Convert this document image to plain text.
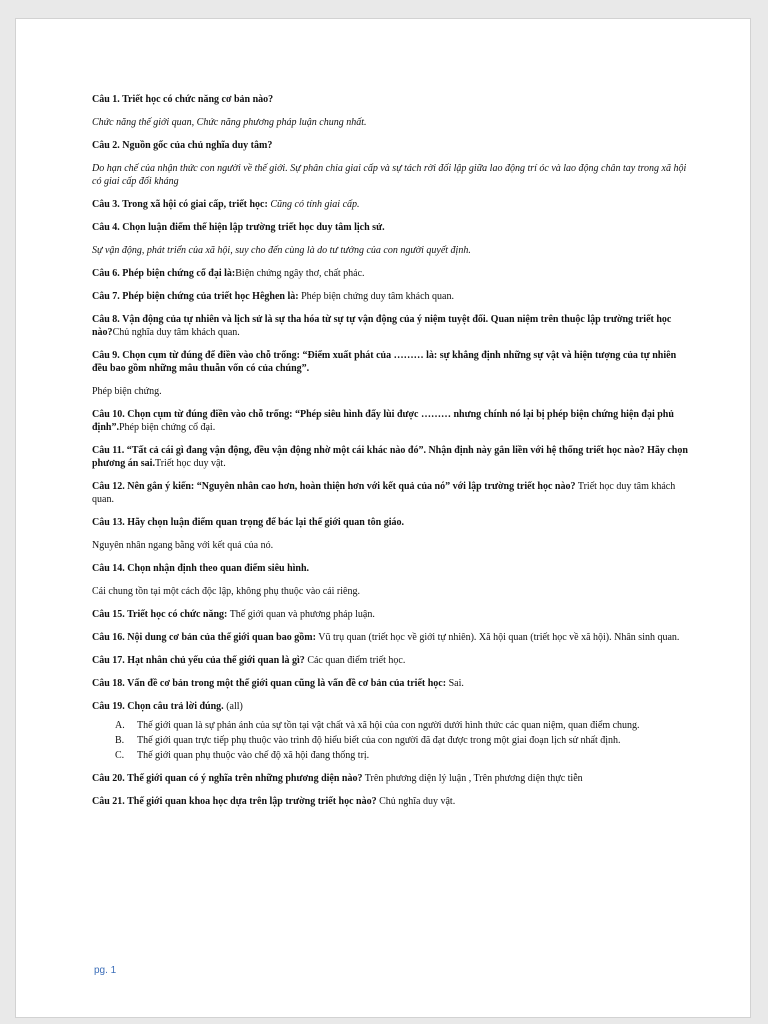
Câu 1. Triết học có chức năng cơ bản nào?

Chức năng thế giới quan, Chức năng phương pháp luận chung nhất.

Câu 2. Nguồn gốc của chủ nghĩa duy tâm?

Do hạn chế của nhận thức con người về thế giới. Sự phân chia giai cấp và sự tách rời đối lập giữa lao động trí óc và lao động chân tay trong xã hội có giai cấp đối kháng

Câu 3. Trong xã hội có giai cấp, triết học: Cũng có tính giai cấp.

Câu 4. Chọn luận điểm thể hiện lập trường triết học duy tâm lịch sử.

Sự vận động, phát triển của xã hội, suy cho đến cùng là do tư tưởng của con người quyết định.

Câu 6. Phép biện chứng cổ đại là:Biện chứng ngây thơ, chất phác.

Câu 7. Phép biện chứng của triết học Hêghen là: Phép biện chứng duy tâm khách quan.

Câu 8. Vận động của tự nhiên và lịch sử là sự tha hóa từ sự tự vận động của ý niệm tuyệt đối. Quan niệm trên thuộc lập trường triết học nào?Chủ nghĩa duy tâm khách quan.

Câu 9. Chọn cụm từ đúng để điền vào chỗ trống: “Điểm xuất phát của ……… là: sự khẳng định những sự vật và hiện tượng của tự nhiên đều bao gồm những mâu thuẫn vốn có của chúng”.

Phép biện chứng.

Câu 10. Chọn cụm từ đúng điền vào chỗ trống: “Phép siêu hình đẩy lùi được ……… nhưng chính nó lại bị phép biện chứng hiện đại phủ định”.Phép biện chứng cổ đại.

Câu 11. “Tất cả cái gì đang vận động, đều vận động nhờ một cái khác nào đó”. Nhận định này gắn liền với hệ thống triết học nào? Hãy chọn phương án sai.Triết học duy vật.

Câu 12. Nên gắn ý kiến: “Nguyên nhân cao hơn, hoàn thiện hơn với kết quả của nó” với lập trường triết học nào? Triết học duy tâm khách quan.

Câu 13. Hãy chọn luận điểm quan trọng để bác lại thế giới quan tôn giáo.

Nguyên nhân ngang bằng với kết quả của nó.

Câu 14. Chọn nhận định theo quan điểm siêu hình.

Cái chung tồn tại một cách độc lập, không phụ thuộc vào cái riêng.

Câu 15. Triết học có chức năng: Thế giới quan và phương pháp luận.

Câu 16. Nội dung cơ bản của thế giới quan bao gồm: Vũ trụ quan (triết học về giới tự nhiên). Xã hội quan (triết học về xã hội). Nhân sinh quan.

Câu 17. Hạt nhân chủ yếu của thế giới quan là gì? Các quan điểm triết học.

Câu 18. Vấn đề cơ bản trong một thế giới quan cũng là vấn đề cơ bản của triết học: Sai.

Câu 19. Chọn câu trả lời đúng. (all)

A. Thế giới quan là sự phản ánh của sự tồn tại vật chất và xã hội của con người dưới hình thức các quan niệm, quan điểm chung.
B. Thế giới quan trực tiếp phụ thuộc vào trình độ hiểu biết của con người đã đạt được trong một giai đoạn lịch sử nhất định.
C. Thế giới quan phụ thuộc vào chế độ xã hội đang thống trị.

Câu 20. Thế giới quan có ý nghĩa trên những phương diện nào? Trên phương diện lý luận , Trên phương diện thực tiễn

Câu 21. Thế giới quan khoa học dựa trên lập trường triết học nào? Chủ nghĩa duy vật.

pg. 1
